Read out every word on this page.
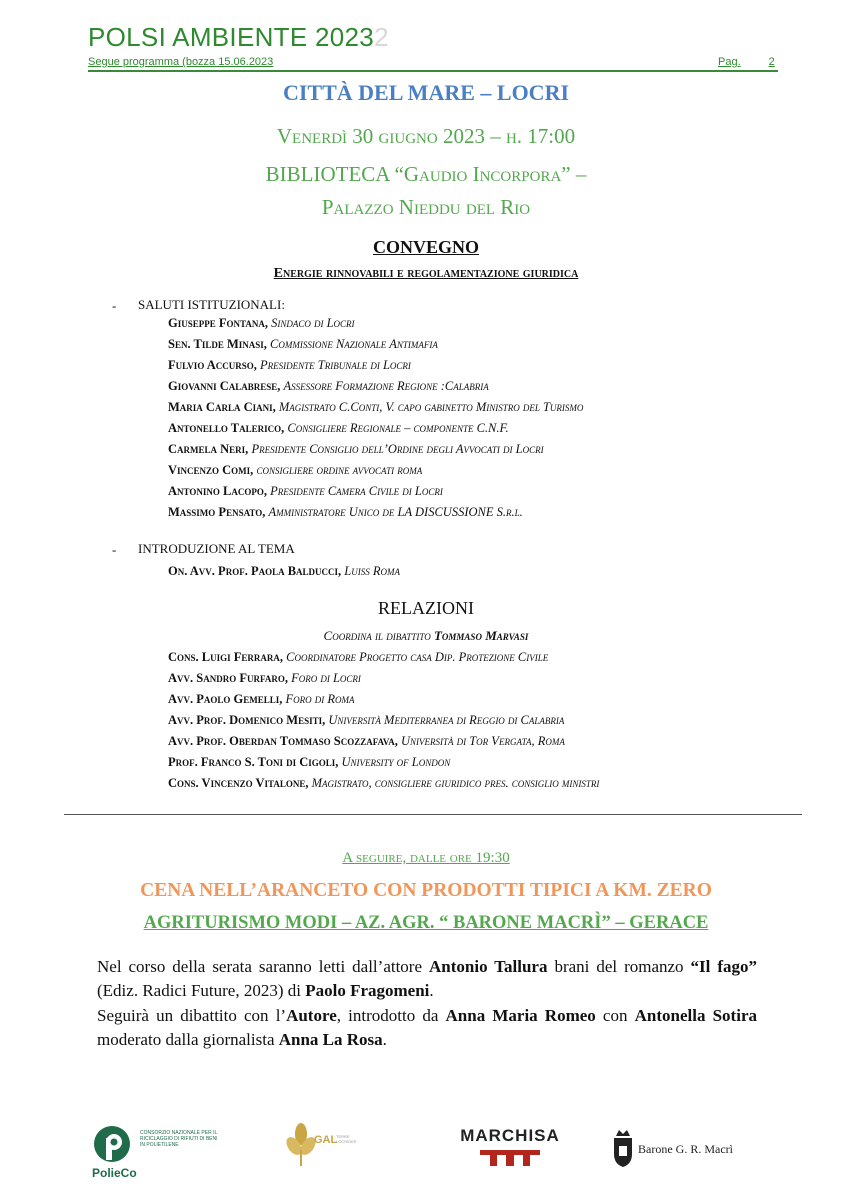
POLSI AMBIENTE 20232
Segue programma (bozza 15.06.2023	Pag.	2
CITTÀ DEL MARE – LOCRI
Venerdì 30 giugno 2023 – h. 17:00
BIBLIOTECA “Gaudio Incorpora” –
Palazzo Nieddu del Rio
CONVEGNO
Energie rinnovabili e regolamentazione giuridica
- SALUTI ISTITUZIONALI:
Giuseppe Fontana, Sindaco di Locri
Sen. Tilde Minasi, Commissione Nazionale Antimafia
Fulvio Accurso, Presidente Tribunale di Locri
Giovanni Calabrese, Assessore Formazione Regione :Calabria
Maria Carla Ciani, Magistrato C.Conti, V. capo gabinetto Ministro del Turismo
Antonello Talerico, Consigliere Regionale – componente C.N.F.
Carmela Neri, Presidente Consiglio dell’Ordine degli Avvocati di Locri
Vincenzo Comi, consigliere ordine avvocati roma
Antonino Lacopo, Presidente Camera Civile di Locri
Massimo Pensato, Amministratore Unico de LA DISCUSSIONE S.r.l.
- INTRODUZIONE AL TEMA
On. Avv. Prof. Paola Balducci, Luiss Roma
RELAZIONI
Coordina il dibattito Tommaso Marvasi
Cons. Luigi Ferrara, Coordinatore Progetto casa Dip. Protezione Civile
Avv. Sandro Furfaro, Foro di Locri
Avv. Paolo Gemelli, Foro di Roma
Avv. Prof. Domenico Mesiti, Università Mediterranea di Reggio di Calabria
Avv. Prof. Oberdan Tommaso Scozzafava, Università di Tor Vergata, Roma
Prof. Franco S. Toni di Cigoli, University of London
Cons. Vincenzo Vitalone, Magistrato, consigliere giuridico pres. consiglio ministri
A seguire, dalle ore 19:30
CENA NELL’ARANCETO CON PRODOTTI TIPICI A KM. ZERO
AGRITURISMO MODI – AZ. AGR. “ BARONE MACRÌ” – GERACE
Nel corso della serata saranno letti dall’attore Antonio Tallura brani del romanzo “Il fago” (Ediz. Radici Future, 2023) di Paolo Fragomeni.
Seguirà un dibattito con l’Autore, introdotto da Anna Maria Romeo con Antonella Sotira moderato dalla giornalista Anna La Rosa.
PolieCo
CONSORZIO NAZIONALE PER IL RICICLAGGIO DI RIFIUTI DI BENI IN POLIETILENE	GAL
TERRE LOCRIDEE	MARCHISA
Barone G. R. Macrì
